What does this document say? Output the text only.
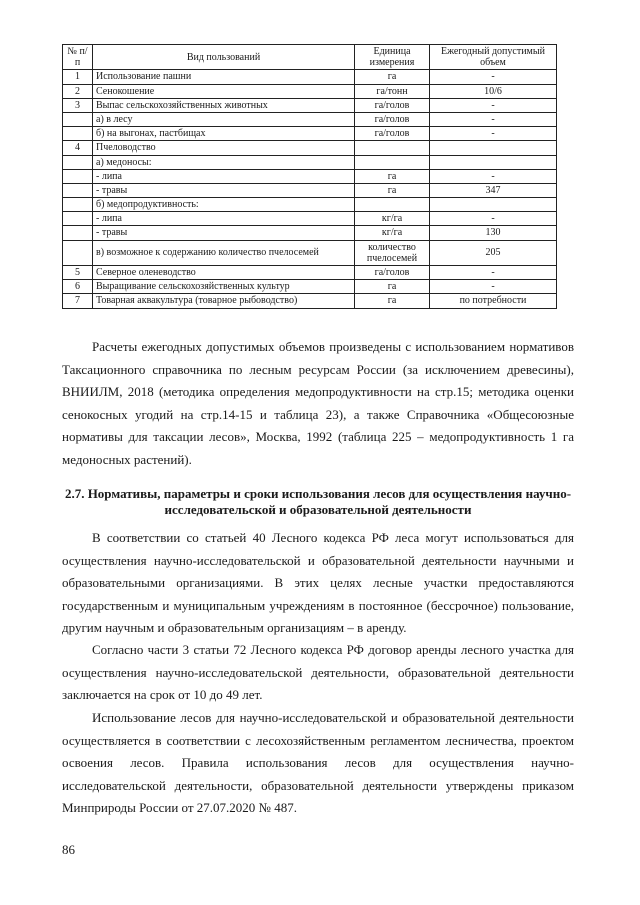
№ п/п	Вид пользований	Единица измерения	Ежегодный допустимый объем
1	Использование пашни	га	-
2	Сенокошение	га/тонн	10/6
3	Выпас сельскохозяйственных животных	га/голов	-
	а) в лесу	га/голов	-
	б) на выгонах, пастбищах	га/голов	-
4	Пчеловодство		
	а) медоносы:		
	- липа	га	-
	- травы	га	347
	б) медопродуктивность:		
	- липа	кг/га	-
	- травы	кг/га	130
	в) возможное к содержанию количество пчелосемей	количество пчелосемей	205
5	Северное оленеводство	га/голов	-
6	Выращивание сельскохозяйственных культур	га	-
7	Товарная аквакультура (товарное рыбоводство)	га	по потребности

Расчеты ежегодных допустимых объемов произведены с использованием нормативов Таксационного справочника по лесным ресурсам России (за исключением древесины), ВНИИЛМ, 2018 (методика определения медопродуктивности на стр.15; методика оценки сенокосных угодий на стр.14-15 и таблица 23), а также Справочника «Общесоюзные нормативы для таксации лесов», Москва, 1992 (таблица 225 – медопродуктивность 1 га медоносных растений).

2.7. Нормативы, параметры и сроки использования лесов для осуществления научно-исследовательской и образовательной деятельности

В соответствии со статьей 40 Лесного кодекса РФ леса могут использоваться для осуществления научно-исследовательской и образовательной деятельности научными и образовательными организациями. В этих целях лесные участки предоставляются государственным и муниципальным учреждениям в постоянное (бессрочное) пользование, другим научным и образовательным организациям – в аренду.

Согласно части 3 статьи 72 Лесного кодекса РФ договор аренды лесного участка для осуществления научно-исследовательской деятельности, образовательной деятельности заключается на срок от 10 до 49 лет.

Использование лесов для научно-исследовательской и образовательной деятельности осуществляется в соответствии с лесохозяйственным регламентом лесничества, проектом освоения лесов. Правила использования лесов для осуществления научно-исследовательской деятельности, образовательной деятельности утверждены приказом Минприроды России от 27.07.2020 № 487.

86
